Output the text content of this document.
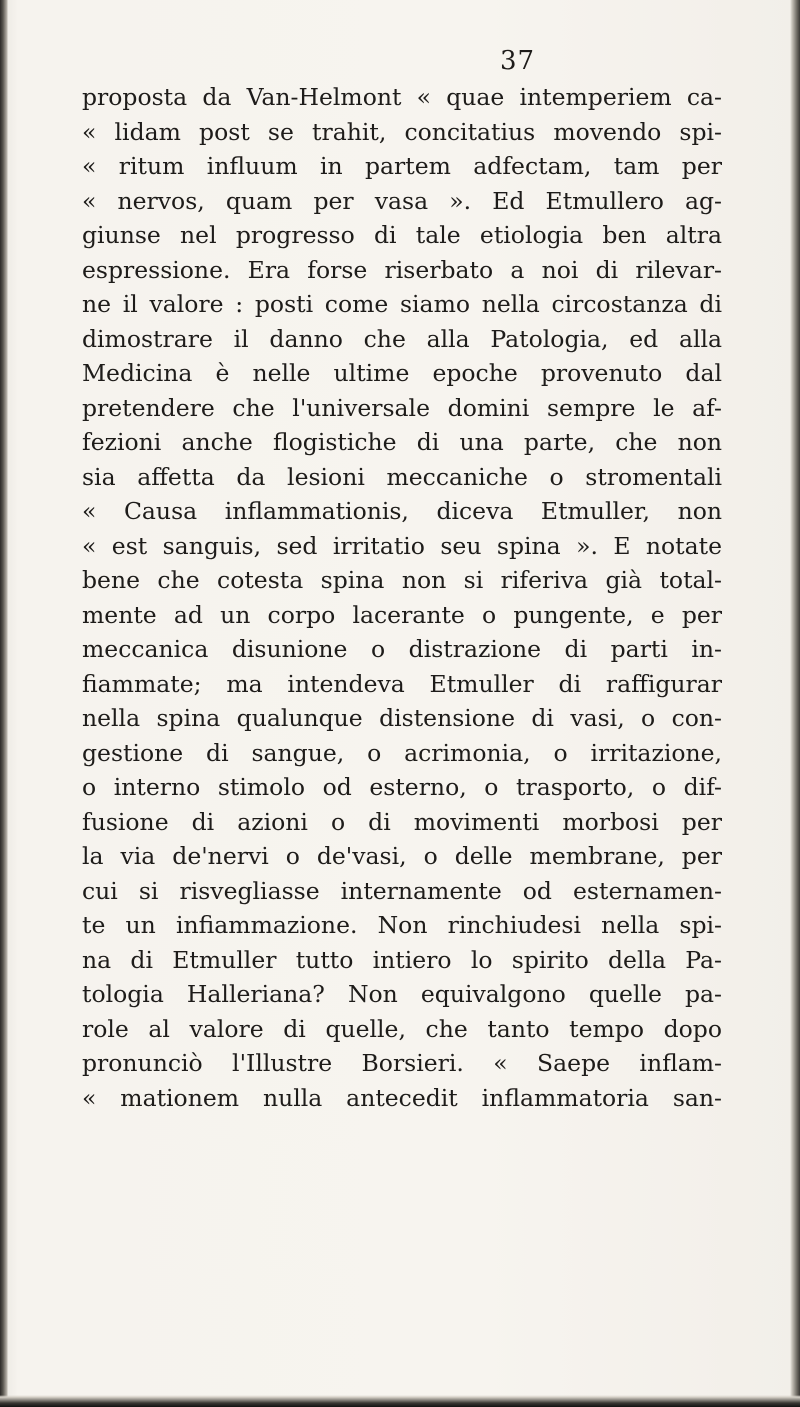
37
proposta da Van-Helmont « quae intemperiem ca-
« lidam post se trahit, concitatius movendo spi-
« ritum influum in partem adfectam, tam per
« nervos, quam per vasa ». Ed Etmullero ag-
giunse nel progresso di tale etiologia ben altra
espressione. Era forse riserbato a noi di rilevar-
ne il valore : posti come siamo nella circostanza di
dimostrare il danno che alla Patologia, ed alla
Medicina è nelle ultime epoche provenuto dal
pretendere che l'universale domini sempre le af-
fezioni anche flogistiche di una parte, che non
sia affetta da lesioni meccaniche o stromentali
« Causa inflammationis, diceva Etmuller, non
« est sanguis, sed irritatio seu spina ». E notate
bene che cotesta spina non si riferiva già total-
mente ad un corpo lacerante o pungente, e per
meccanica disunione o distrazione di parti in-
fiammate; ma intendeva Etmuller di raffigurar
nella spina qualunque distensione di vasi, o con-
gestione di sangue, o acrimonia, o irritazione,
o interno stimolo od esterno, o trasporto, o dif-
fusione di azioni o di movimenti morbosi per
la via de'nervi o de'vasi, o delle membrane, per
cui si risvegliasse internamente od esternamen-
te un infiammazione. Non rinchiudesi nella spi-
na di Etmuller tutto intiero lo spirito della Pa-
tologia Halleriana? Non equivalgono quelle pa-
role al valore di quelle, che tanto tempo dopo
pronunciò l'Illustre Borsieri. « Saepe inflam-
« mationem nulla antecedit inflammatoria san-
